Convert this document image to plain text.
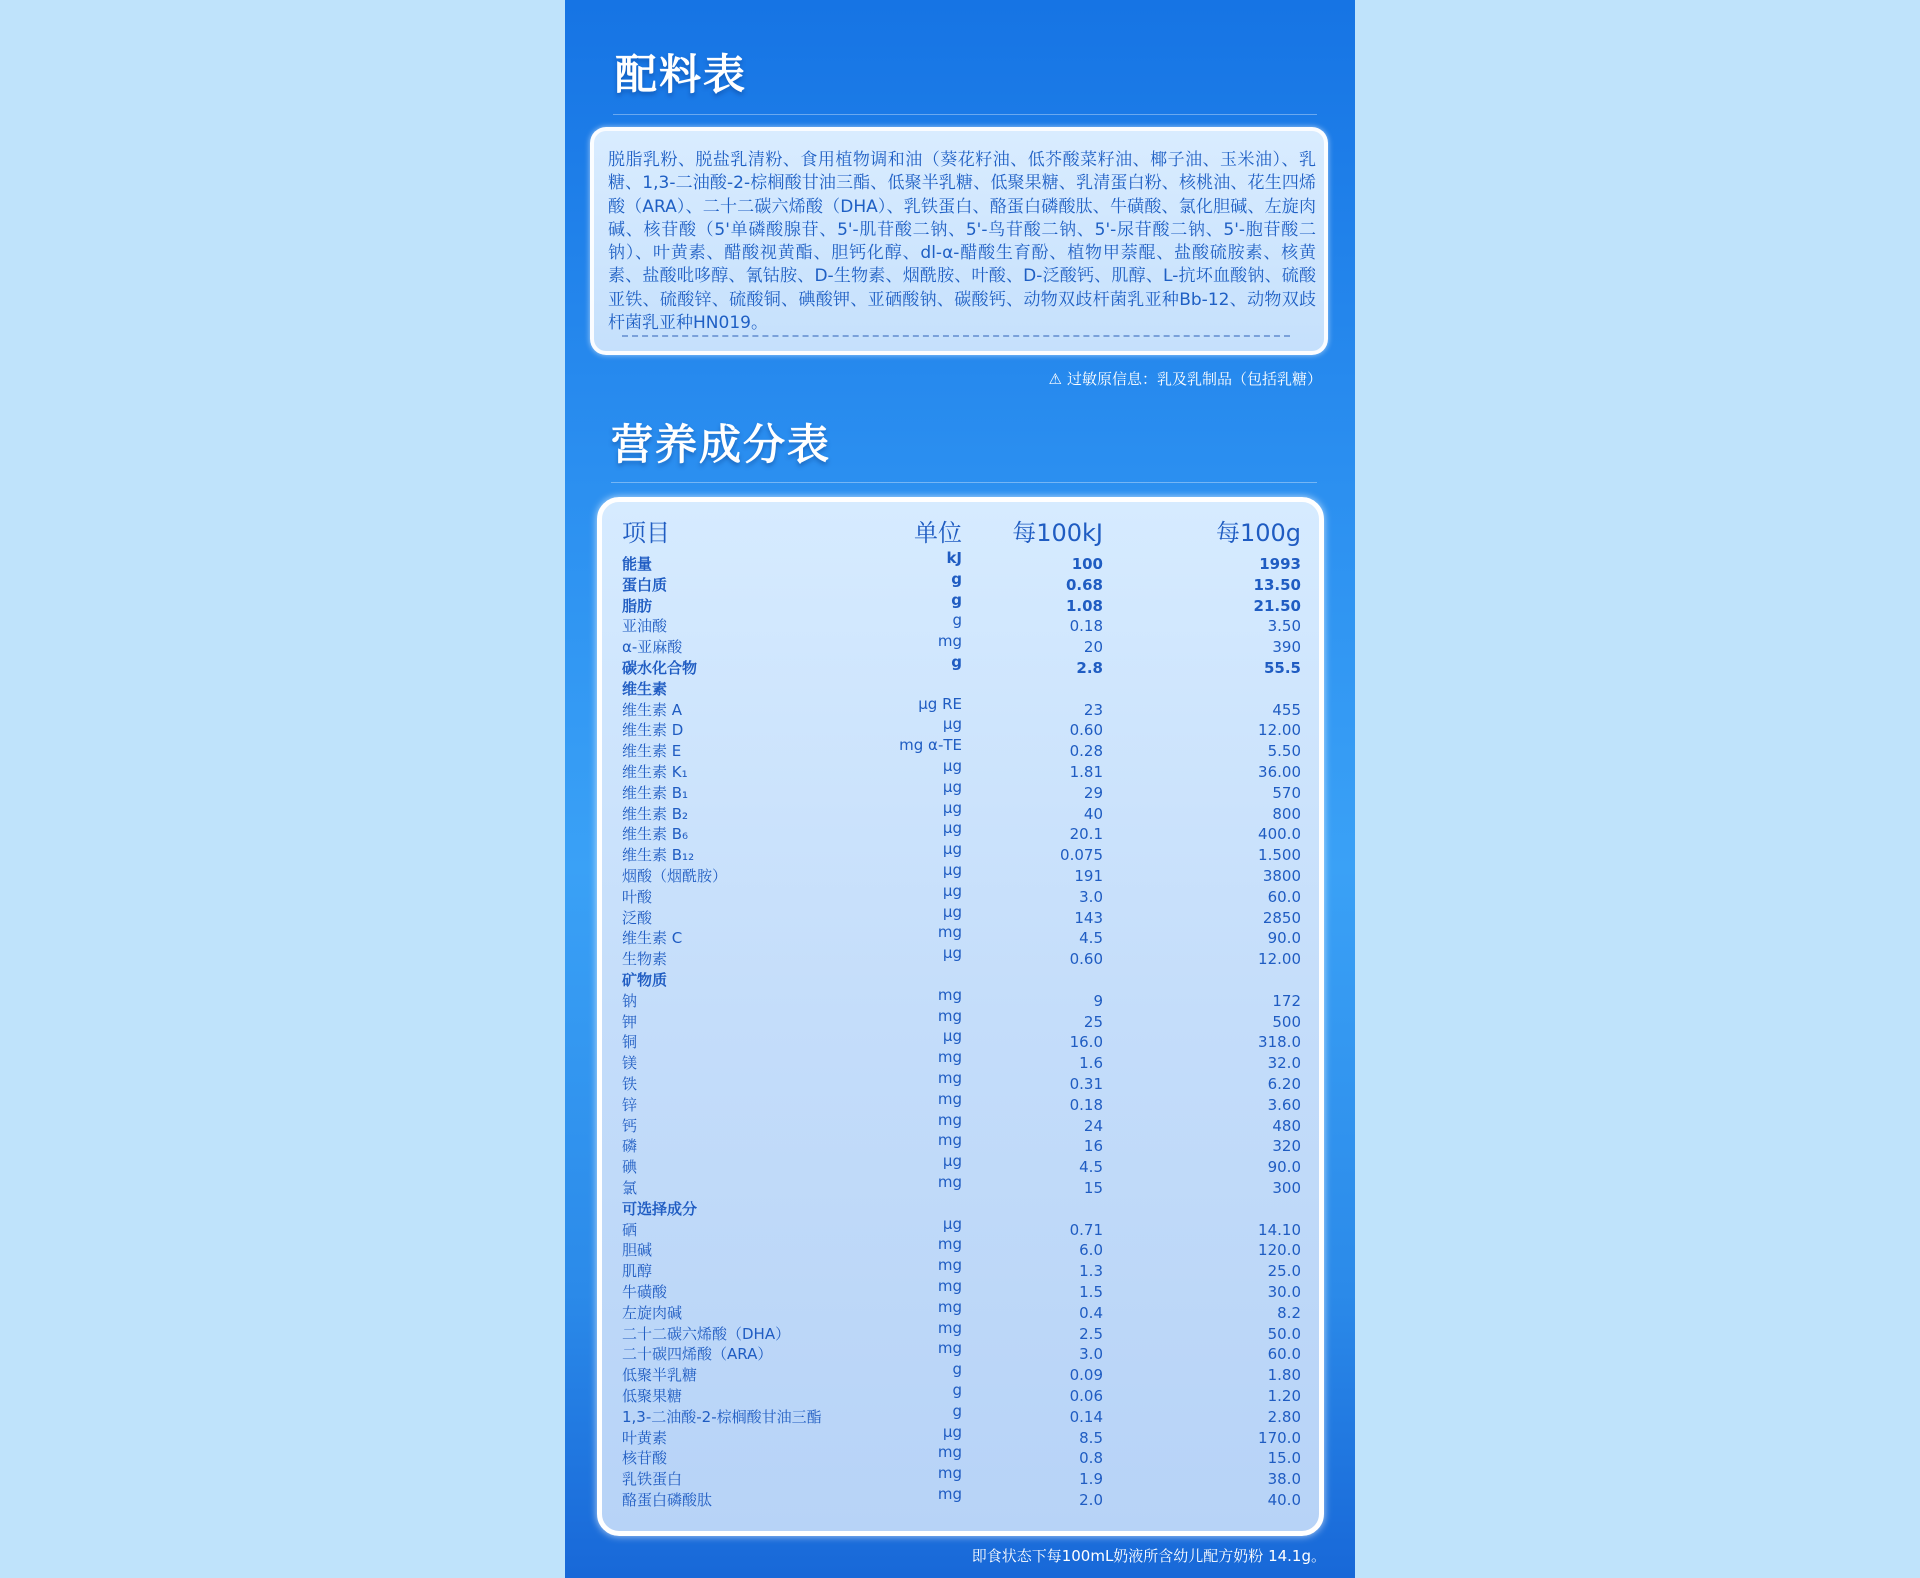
配料表
脱脂乳粉、脱盐乳清粉、食用植物调和油（葵花籽油、低芥酸菜籽油、椰子油、玉米油）、乳糖、1,3-二油酸-2-棕榈酸甘油三酯、低聚半乳糖、低聚果糖、乳清蛋白粉、核桃油、花生四烯酸（ARA）、二十二碳六烯酸（DHA）、乳铁蛋白、酪蛋白磷酸肽、牛磺酸、氯化胆碱、左旋肉碱、核苷酸（5'单磷酸腺苷、5'-肌苷酸二钠、5'-鸟苷酸二钠、5'-尿苷酸二钠、5'-胞苷酸二钠）、叶黄素、醋酸视黄酯、胆钙化醇、dl-α-醋酸生育酚、植物甲萘醌、盐酸硫胺素、核黄素、盐酸吡哆醇、氰钴胺、D-生物素、烟酰胺、叶酸、D-泛酸钙、肌醇、L-抗坏血酸钠、硫酸亚铁、硫酸锌、硫酸铜、碘酸钾、亚硒酸钠、碳酸钙、动物双歧杆菌乳亚种Bb-12、动物双歧杆菌乳亚种HN019。
⚠ 过敏原信息：乳及乳制品（包括乳糖）
营养成分表
项目	单位 每100kJ	每100g
能量	kJ	100	1993
蛋白质	g	0.68	13.50
脂肪	g	1.08	21.50
亚油酸	g	0.18	3.50
α-亚麻酸	mg	20	390
碳水化合物	g	2.8	55.5
维生素
维生素 A	μg RE	23	455
维生素 D	μg	0.60	12.00
维生素 E	mg α-TE	0.28	5.50
维生素 K₁	μg	1.81	36.00
维生素 B₁	μg	29	570
维生素 B₂	μg	40	800
维生素 B₆	μg	20.1	400.0
维生素 B₁₂	μg	0.075	1.500
烟酸（烟酰胺）	μg	191	3800
叶酸	μg	3.0	60.0
泛酸	μg	143	2850
维生素 C	mg	4.5	90.0
生物素	μg	0.60	12.00
矿物质
钠	mg	9	172
钾	mg	25	500
铜	μg	16.0	318.0
镁	mg	1.6	32.0
铁	mg	0.31	6.20
锌	mg	0.18	3.60
钙	mg	24	480
磷	mg	16	320
碘	μg	4.5	90.0
氯	mg	15	300
可选择成分
硒	μg	0.71	14.10
胆碱	mg	6.0	120.0
肌醇	mg	1.3	25.0
牛磺酸	mg	1.5	30.0
左旋肉碱	mg	0.4	8.2
二十二碳六烯酸（DHA）	mg	2.5	50.0
二十碳四烯酸（ARA）	mg	3.0	60.0
低聚半乳糖	g	0.09	1.80
低聚果糖	g	0.06	1.20
1,3-二油酸-2-棕榈酸甘油三酯	g	0.14	2.80
叶黄素	μg	8.5	170.0
核苷酸	mg	0.8	15.0
乳铁蛋白	mg	1.9	38.0
酪蛋白磷酸肽	mg	2.0	40.0
即食状态下每100mL奶液所含幼儿配方奶粉 14.1g。
